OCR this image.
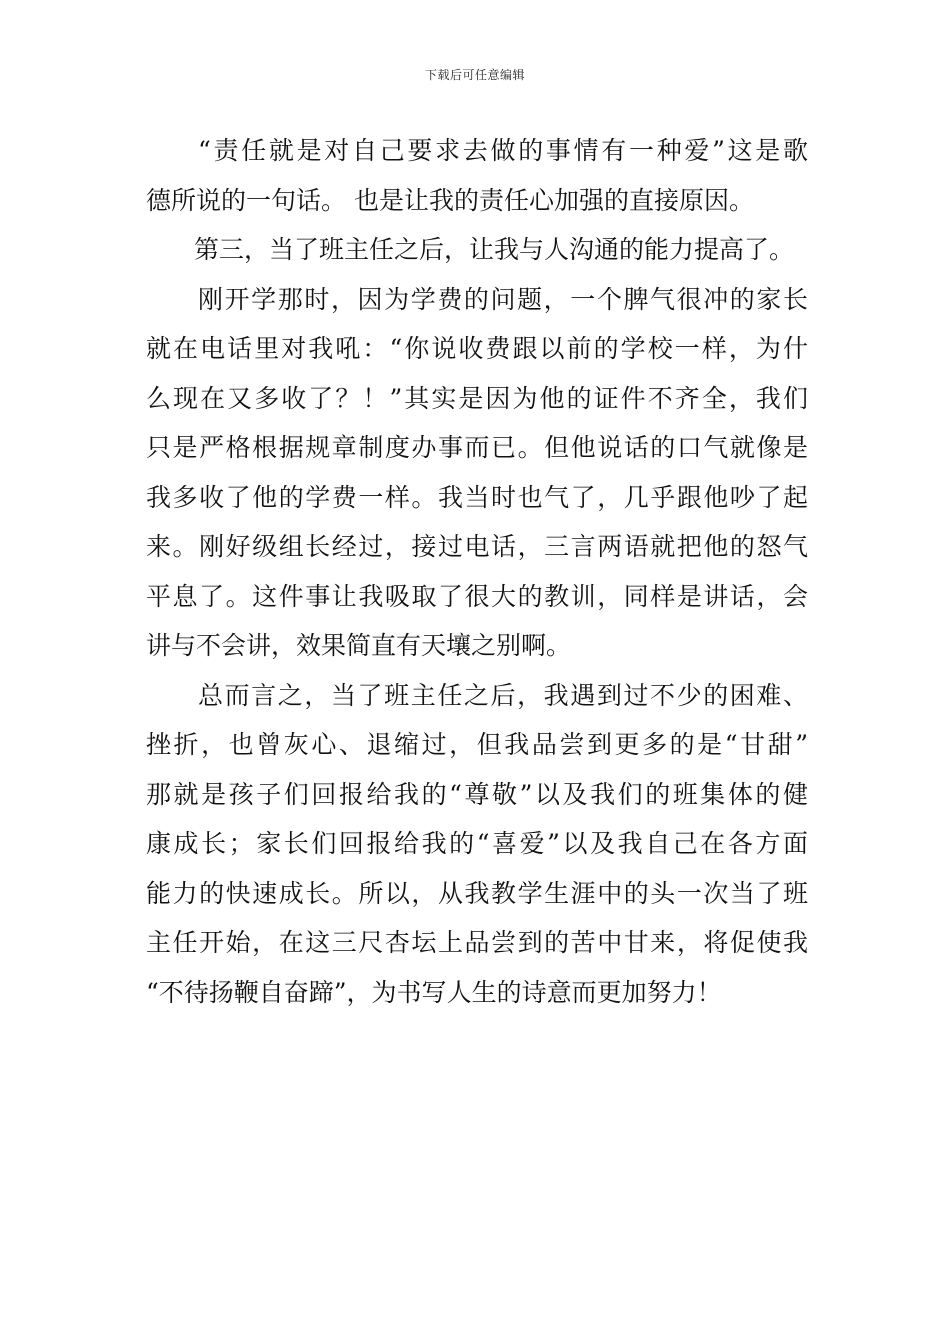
下载后可任意编辑
“责任就是对自己要求去做的事情有一种爱”这是歌
德所说的一句话。 也是让我的责任心加强的直接原因。
第三，当了班主任之后，让我与人沟通的能力提高了。
刚开学那时，因为学费的问题，一个脾气很冲的家长
就在电话里对我吼：“你说收费跟以前的学校一样，为什
么现在又多收了？！”其实是因为他的证件不齐全，我们
只是严格根据规章制度办事而已。但他说话的口气就像是
我多收了他的学费一样。我当时也气了，几乎跟他吵了起
来。刚好级组长经过，接过电话，三言两语就把他的怒气
平息了。这件事让我吸取了很大的教训，同样是讲话，会
讲与不会讲，效果简直有天壤之别啊。
总而言之，当了班主任之后，我遇到过不少的困难、
挫折，也曾灰心、退缩过，但我品尝到更多的是“甘甜”
那就是孩子们回报给我的“尊敬”以及我们的班集体的健
康成长；家长们回报给我的“喜爱”以及我自己在各方面
能力的快速成长。所以，从我教学生涯中的头一次当了班
主任开始，在这三尺杏坛上品尝到的苦中甘来，将促使我
“不待扬鞭自奋蹄”，为书写人生的诗意而更加努力！
